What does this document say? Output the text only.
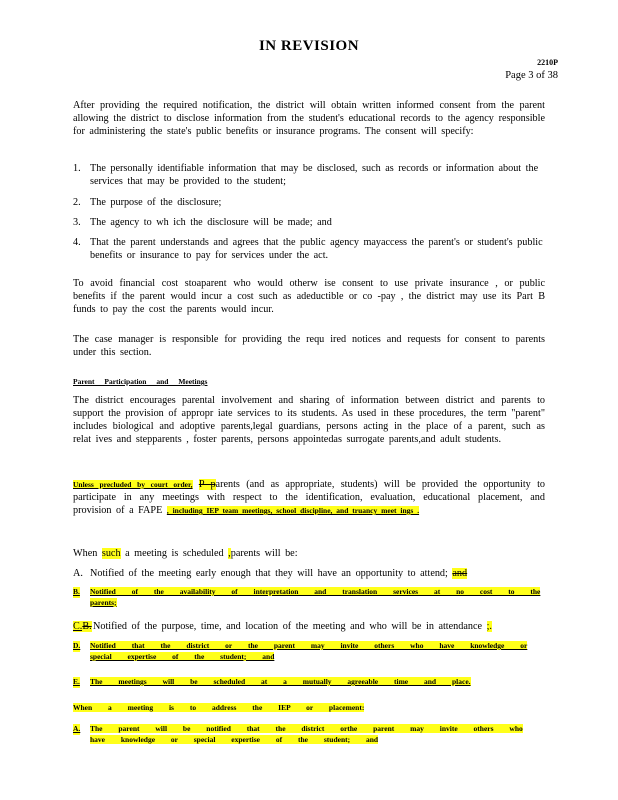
IN REVISION
2210P
Page 3 of 38
After providing the required notification, the district will obtain written informed consent from the parent allowing the district to disclose information from the student's educational records to the agency responsible for administering the state's public benefits or insurance programs. The consent will specify:
1. The personally identifiable information that may be disclosed, such as records or information about the services that may be provided to the student;
2. The purpose of the disclosure;
3. The agency to wh ich the disclosure will be made; and
4. That the parent understands and agrees that the public agency mayaccess the parent's or student's public benefits or insurance to pay for services under the act.
To avoid financial cost stoaparent who would otherw ise consent to use private insurance , or public benefits if the parent would incur a cost such as adeductible or co -pay , the district may use its Part B funds to pay the cost the parents would incur.
The case manager is responsible for providing the requ ired notices and requests for consent to parents under this section.
Parent Participation and Meetings
The district encourages parental involvement and sharing of information between district and parents to support the provision of appropr iate services to its students. As used in these procedures, the term "parent" includes biological and adoptive parents,legal guardians, persons acting in the place of a parent, such as relat ives and stepparents , foster parents, persons appointedas surrogate parents,and adult students.
Unless precluded by court order, P parents (and as appropriate, students) will be provided the opportunity to participate in any meetings with respect to the identification, evaluation, educational placement, and provision of a FAPE , including IEP team meetings, school discipline, and truancy meet ings .
When such a meeting is scheduled ,parents will be:
A. Notified of the meeting early enough that they will have an opportunity to attend; and
B. Notified of the availability of interpretation and translation services at no cost to the parents;
C.B. Notified of the purpose, time, and location of the meeting and who will be in attendance ;.
D. Notified that the district or the parent may invite others who have knowledge or special expertise of the student; and
E. The meetings will be scheduled at a mutually agreeable time and place.
When a meeting is to address the IEP or placement:
A. The parent will be notified that the district orthe parent may invite others who have knowledge or special expertise of the student; and
